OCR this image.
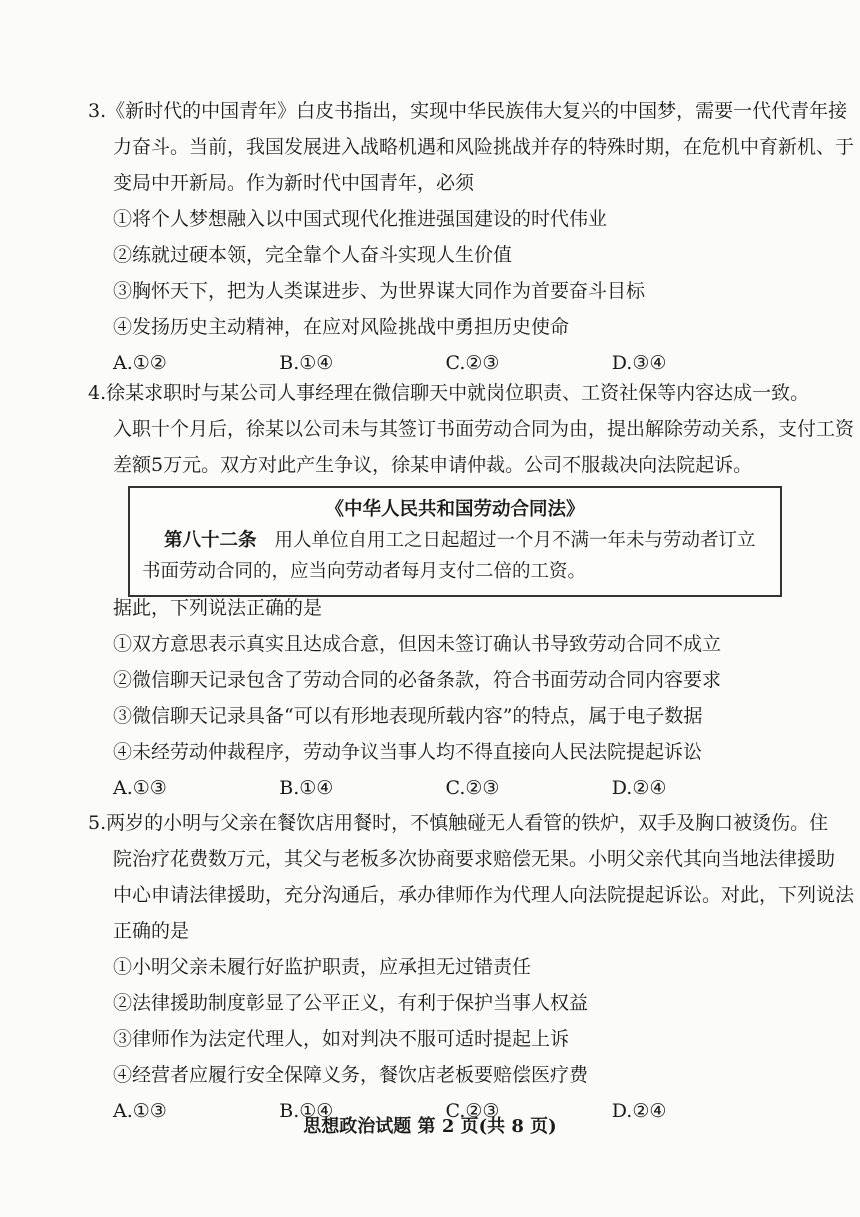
3.《新时代的中国青年》白皮书指出，实现中华民族伟大复兴的中国梦，需要一代代青年接
力奋斗。当前，我国发展进入战略机遇和风险挑战并存的特殊时期，在危机中育新机、于
变局中开新局。作为新时代中国青年，必须
①将个人梦想融入以中国式现代化推进强国建设的时代伟业
②练就过硬本领，完全靠个人奋斗实现人生价值
③胸怀天下，把为人类谋进步、为世界谋大同作为首要奋斗目标
④发扬历史主动精神，在应对风险挑战中勇担历史使命
A.①②	B.①④	C.②③	D.③④
4.徐某求职时与某公司人事经理在微信聊天中就岗位职责、工资社保等内容达成一致。
入职十个月后，徐某以公司未与其签订书面劳动合同为由，提出解除劳动关系，支付工资
差额5万元。双方对此产生争议，徐某申请仲裁。公司不服裁决向法院起诉。
《中华人民共和国劳动合同法》
第八十二条 用人单位自用工之日起超过一个月不满一年未与劳动者订立
书面劳动合同的，应当向劳动者每月支付二倍的工资。
据此，下列说法正确的是
①双方意思表示真实且达成合意，但因未签订确认书导致劳动合同不成立
②微信聊天记录包含了劳动合同的必备条款，符合书面劳动合同内容要求
③微信聊天记录具备“可以有形地表现所载内容”的特点，属于电子数据
④未经劳动仲裁程序，劳动争议当事人均不得直接向人民法院提起诉讼
A.①③	B.①④	C.②③	D.②④
5.两岁的小明与父亲在餐饮店用餐时，不慎触碰无人看管的铁炉，双手及胸口被烫伤。住
院治疗花费数万元，其父与老板多次协商要求赔偿无果。小明父亲代其向当地法律援助
中心申请法律援助，充分沟通后，承办律师作为代理人向法院提起诉讼。对此，下列说法
正确的是
①小明父亲未履行好监护职责，应承担无过错责任
②法律援助制度彰显了公平正义，有利于保护当事人权益
③律师作为法定代理人，如对判决不服可适时提起上诉
④经营者应履行安全保障义务，餐饮店老板要赔偿医疗费
A.①③	B.①④	C.②③	D.②④
思想政治试题 第 2 页(共 8 页)
